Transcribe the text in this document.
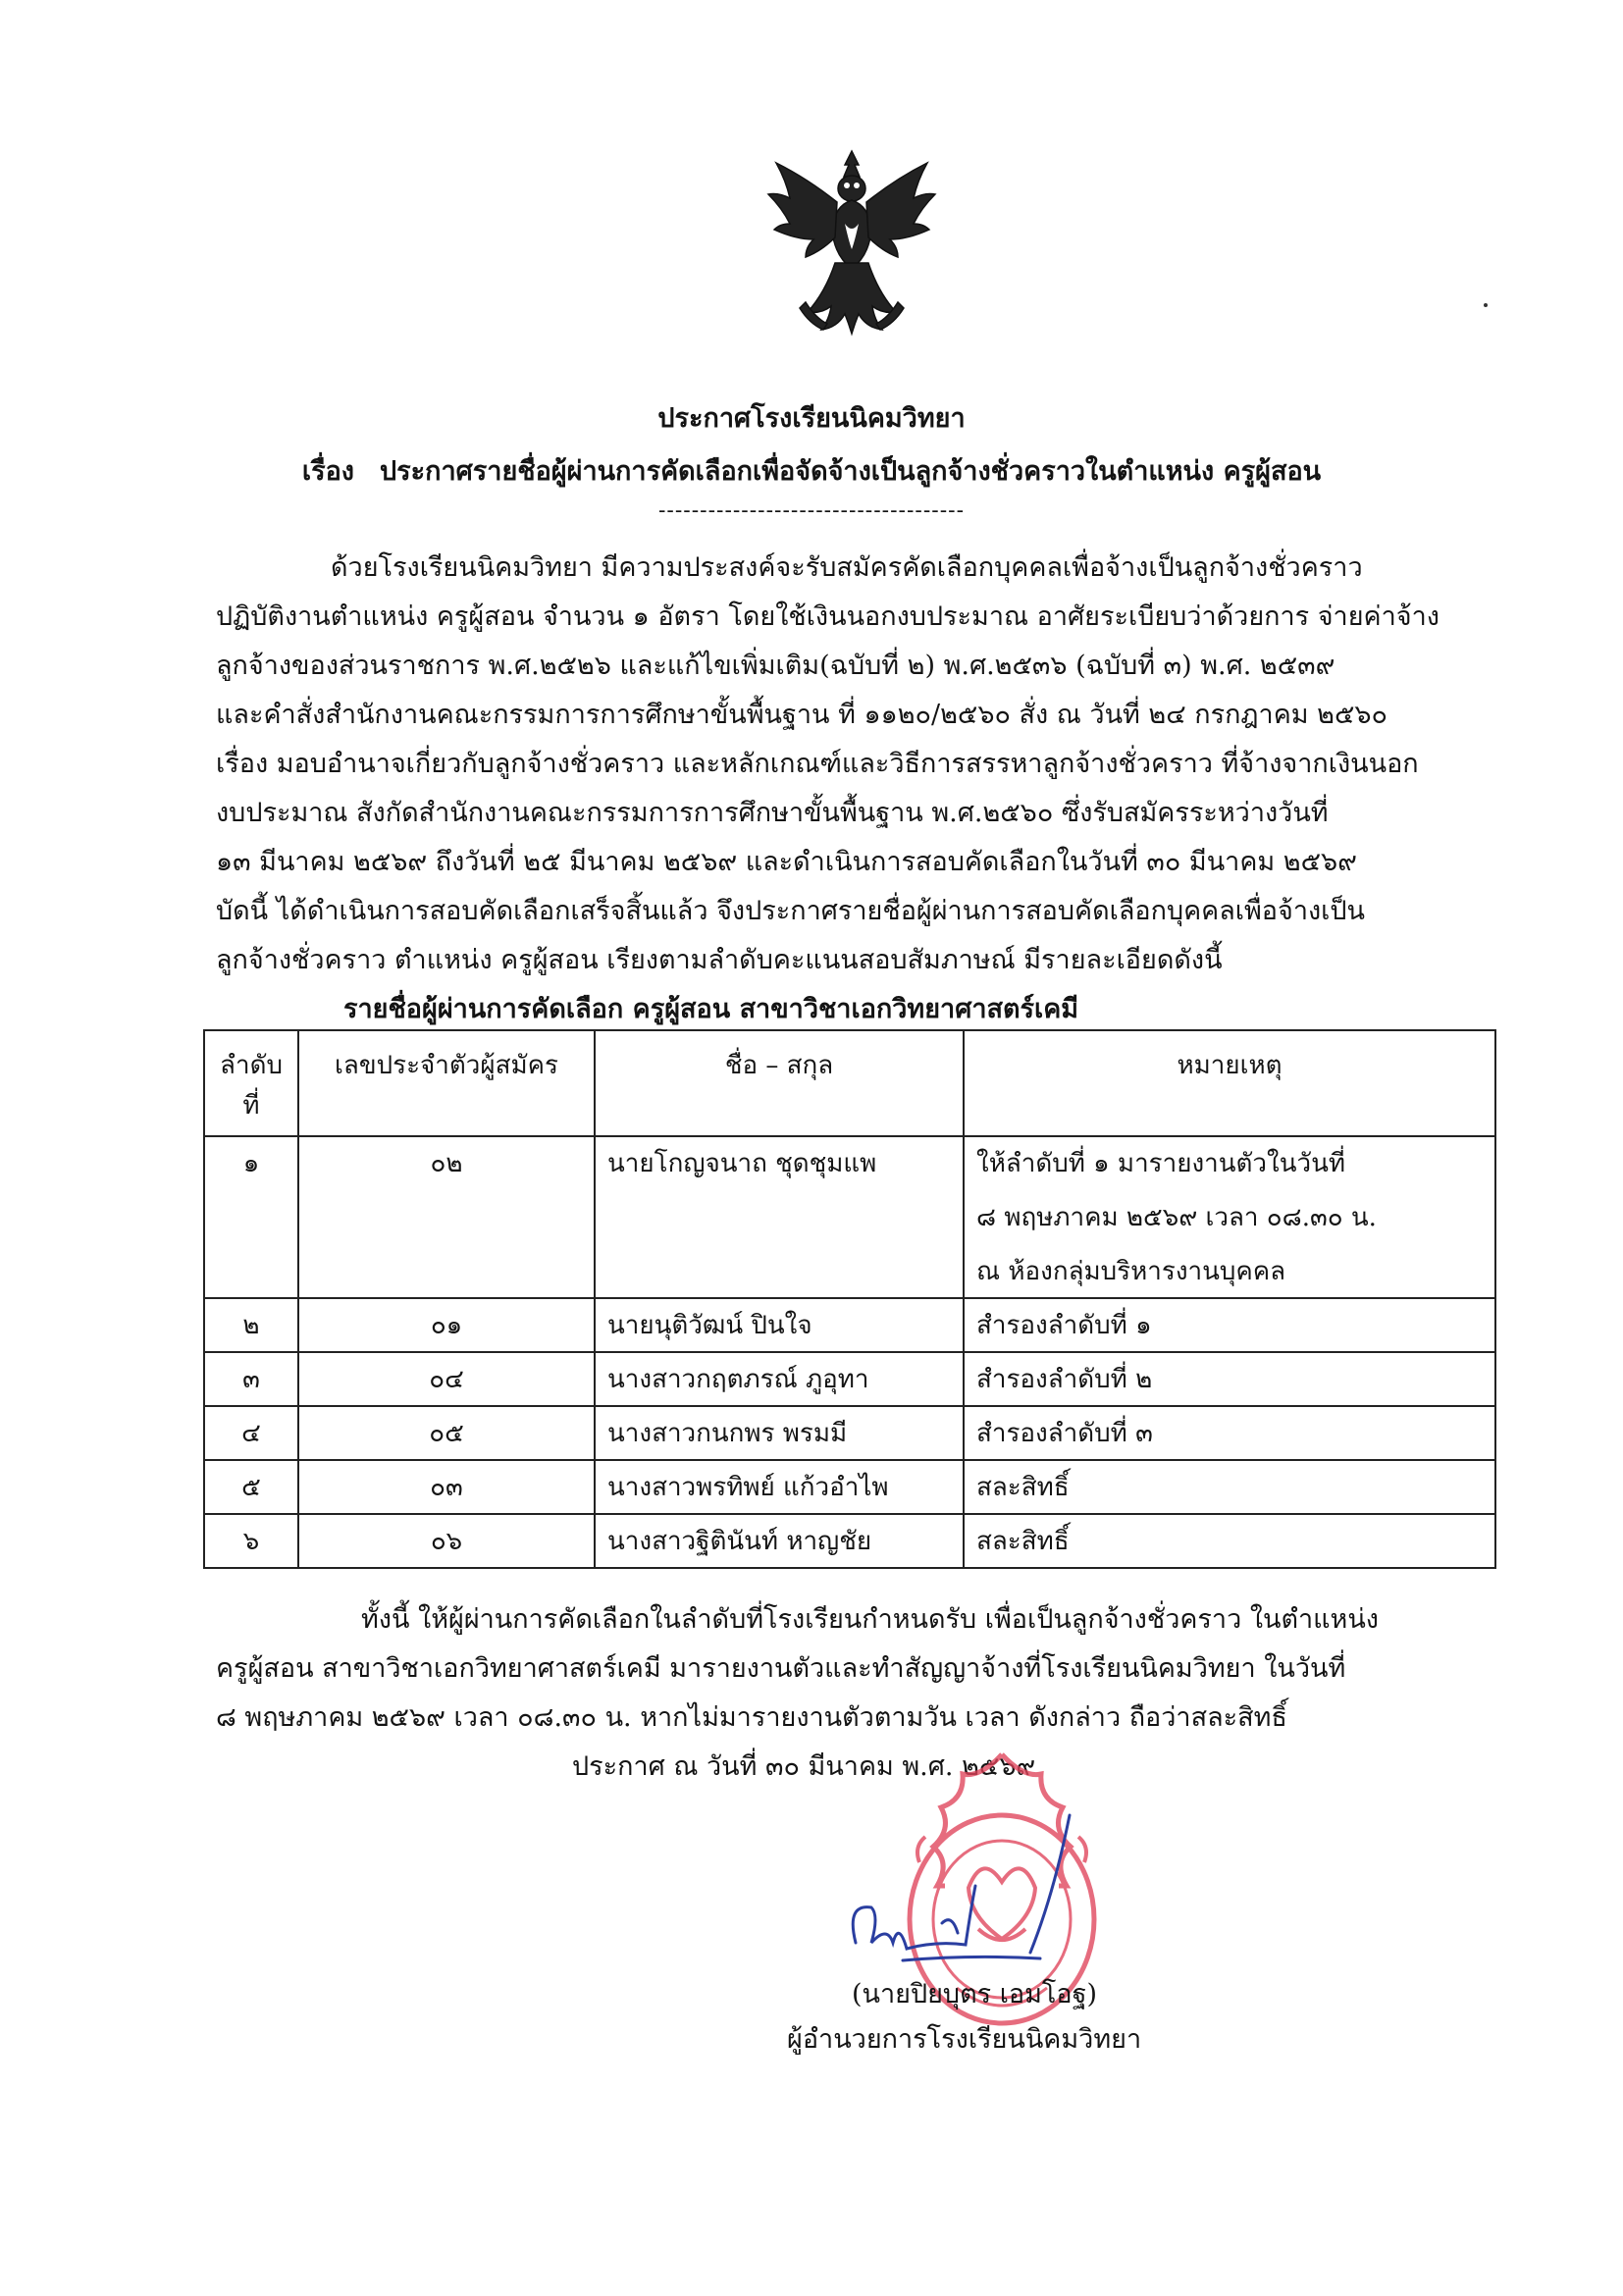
ประกาศโรงเรียนนิคมวิทยา
เรื่อง ประกาศรายชื่อผู้ผ่านการคัดเลือกเพื่อจัดจ้างเป็นลูกจ้างชั่วคราวในตำแหน่ง ครูผู้สอน
-------------------------------------
ด้วยโรงเรียนนิคมวิทยา มีความประสงค์จะรับสมัครคัดเลือกบุคคลเพื่อจ้างเป็นลูกจ้างชั่วคราว
ปฏิบัติงานตำแหน่ง ครูผู้สอน จำนวน ๑ อัตรา โดยใช้เงินนอกงบประมาณ อาศัยระเบียบว่าด้วยการ จ่ายค่าจ้าง
ลูกจ้างของส่วนราชการ พ.ศ.๒๕๒๖ และแก้ไขเพิ่มเติม(ฉบับที่ ๒) พ.ศ.๒๕๓๖ (ฉบับที่ ๓) พ.ศ. ๒๕๓๙
และคำสั่งสำนักงานคณะกรรมการการศึกษาขั้นพื้นฐาน ที่ ๑๑๒๐/๒๕๖๐ สั่ง ณ วันที่ ๒๔ กรกฎาคม ๒๕๖๐
เรื่อง มอบอำนาจเกี่ยวกับลูกจ้างชั่วคราว และหลักเกณฑ์และวิธีการสรรหาลูกจ้างชั่วคราว ที่จ้างจากเงินนอก
งบประมาณ สังกัดสำนักงานคณะกรรมการการศึกษาขั้นพื้นฐาน พ.ศ.๒๕๖๐ ซึ่งรับสมัครระหว่างวันที่
๑๓ มีนาคม ๒๕๖๙ ถึงวันที่ ๒๕ มีนาคม ๒๕๖๙ และดำเนินการสอบคัดเลือกในวันที่ ๓๐ มีนาคม ๒๕๖๙
บัดนี้ ได้ดำเนินการสอบคัดเลือกเสร็จสิ้นแล้ว จึงประกาศรายชื่อผู้ผ่านการสอบคัดเลือกบุคคลเพื่อจ้างเป็น
ลูกจ้างชั่วคราว ตำแหน่ง ครูผู้สอน เรียงตามลำดับคะแนนสอบสัมภาษณ์ มีรายละเอียดดังนี้
รายชื่อผู้ผ่านการคัดเลือก ครูผู้สอน สาขาวิชาเอกวิทยาศาสตร์เคมี
ลำดับที่	เลขประจำตัวผู้สมัคร	ชื่อ – สกุล	หมายเหตุ
๑	๐๒	นายโกญจนาถ ชุดชุมแพ	ให้ลำดับที่ ๑ มารายงานตัวในวันที่
๘ พฤษภาคม ๒๕๖๙ เวลา ๐๘.๓๐ น.
ณ ห้องกลุ่มบริหารงานบุคคล

๒	๐๑	นายนุติวัฒน์ ปินใจ	สำรองลำดับที่ ๑
๓	๐๔	นางสาวกฤตภรณ์ ภูอุทา	สำรองลำดับที่ ๒
๔	๐๕	นางสาวกนกพร พรมมี	สำรองลำดับที่ ๓
๕	๐๓	นางสาวพรทิพย์ แก้วอำไพ	สละสิทธิ์
๖	๐๖	นางสาวฐิตินันท์ หาญชัย	สละสิทธิ์
ทั้งนี้ ให้ผู้ผ่านการคัดเลือกในลำดับที่โรงเรียนกำหนดรับ เพื่อเป็นลูกจ้างชั่วคราว ในตำแหน่ง
ครูผู้สอน สาขาวิชาเอกวิทยาศาสตร์เคมี มารายงานตัวและทำสัญญาจ้างที่โรงเรียนนิคมวิทยา ในวันที่
๘ พฤษภาคม ๒๕๖๙ เวลา ๐๘.๓๐ น. หากไม่มารายงานตัวตามวัน เวลา ดังกล่าว ถือว่าสละสิทธิ์
ประกาศ ณ วันที่ ๓๐ มีนาคม พ.ศ. ๒๕๖๙
(นายปิยบุตร เอมโอฐ)
ผู้อำนวยการโรงเรียนนิคมวิทยา
